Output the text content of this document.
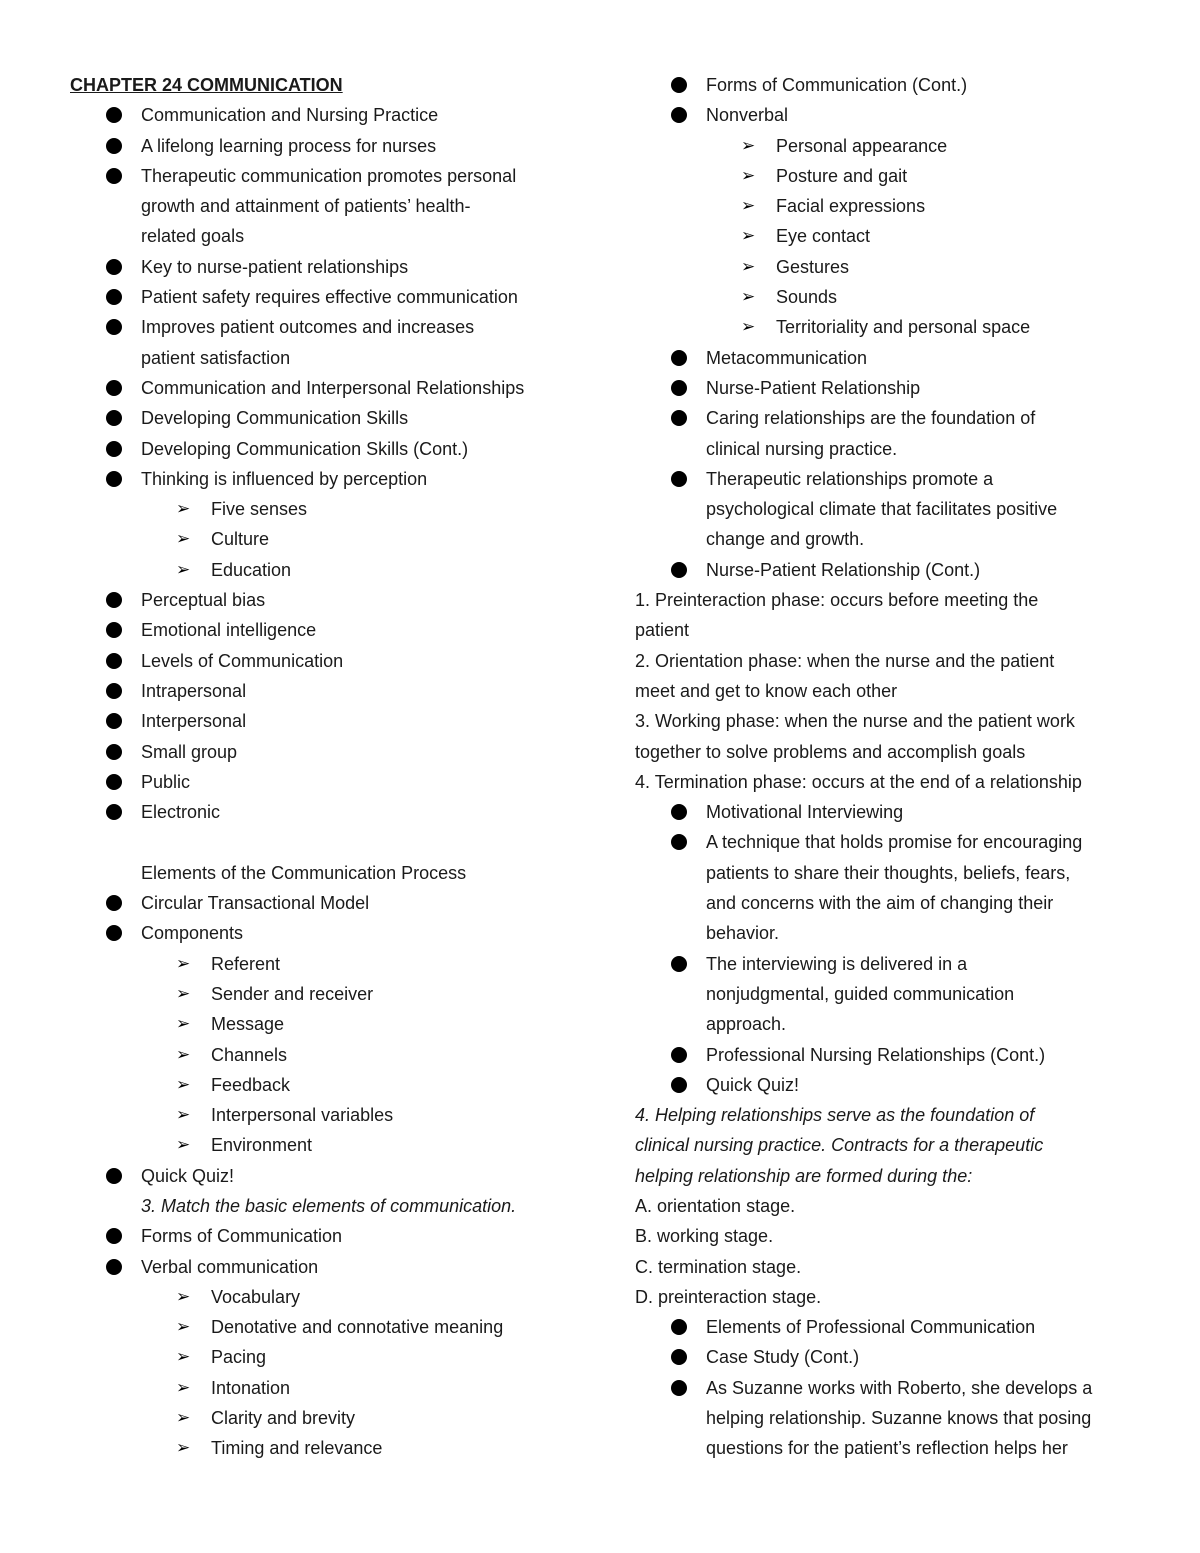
CHAPTER 24 COMMUNICATION
Communication and Nursing Practice
A lifelong learning process for nurses
Therapeutic communication promotes personal
growth and attainment of patients’ health-
related goals
Key to nurse-patient relationships
Patient safety requires effective communication
Improves patient outcomes and increases
patient satisfaction
Communication and Interpersonal Relationships
Developing Communication Skills
Developing Communication Skills (Cont.)
Thinking is influenced by perception
➢ Five senses
➢ Culture
➢ Education
Perceptual bias
Emotional intelligence
Levels of Communication
Intrapersonal
Interpersonal
Small group
Public
Electronic
Elements of the Communication Process
Circular Transactional Model
Components
➢ Referent
➢ Sender and receiver
➢ Message
➢ Channels
➢ Feedback
➢ Interpersonal variables
➢ Environment
Quick Quiz!
3. Match the basic elements of communication.
Forms of Communication
Verbal communication
➢ Vocabulary
➢ Denotative and connotative meaning
➢ Pacing
➢ Intonation
➢ Clarity and brevity
➢ Timing and relevance
Forms of Communication (Cont.)
Nonverbal
➢ Personal appearance
➢ Posture and gait
➢ Facial expressions
➢ Eye contact
➢ Gestures
➢ Sounds
➢ Territoriality and personal space
Metacommunication
Nurse-Patient Relationship
Caring relationships are the foundation of
clinical nursing practice.
Therapeutic relationships promote a
psychological climate that facilitates positive
change and growth.
Nurse-Patient Relationship (Cont.)
1. Preinteraction phase: occurs before meeting the
patient
2. Orientation phase: when the nurse and the patient
meet and get to know each other
3. Working phase: when the nurse and the patient work
together to solve problems and accomplish goals
4. Termination phase: occurs at the end of a relationship
Motivational Interviewing
A technique that holds promise for encouraging
patients to share their thoughts, beliefs, fears,
and concerns with the aim of changing their
behavior.
The interviewing is delivered in a
nonjudgmental, guided communication
approach.
Professional Nursing Relationships (Cont.)
Quick Quiz!
4. Helping relationships serve as the foundation of
clinical nursing practice. Contracts for a therapeutic
helping relationship are formed during the:
A. orientation stage.
B. working stage.
C. termination stage.
D. preinteraction stage.
Elements of Professional Communication
Case Study (Cont.)
As Suzanne works with Roberto, she develops a
helping relationship. Suzanne knows that posing
questions for the patient’s reflection helps her
